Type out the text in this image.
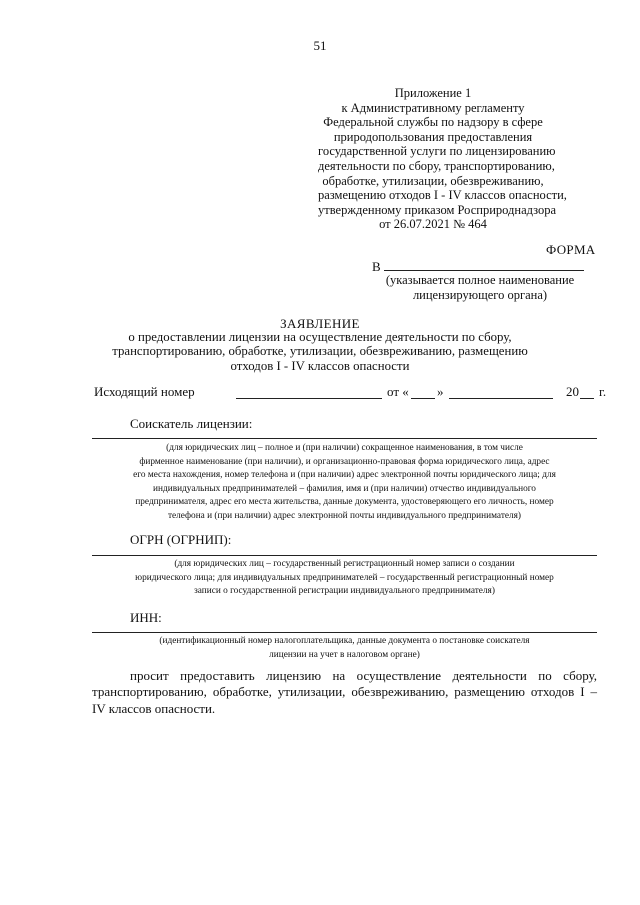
51
Приложение 1
к Административному регламенту
Федеральной службы по надзору в сфере
природопользования предоставления
государственной услуги по лицензированию
деятельности по сбору, транспортированию,
обработке, утилизации, обезвреживанию,
размещению отходов I - IV классов опасности,
утвержденному приказом Росприроднадзора
от 26.07.2021 № 464
ФОРМА
В
(указывается полное наименование
лицензирующего органа)
ЗАЯВЛЕНИЕ
о предоставлении лицензии на осуществление деятельности по сбору,
транспортированию, обработке, утилизации, обезвреживанию, размещению
отходов I - IV классов опасности
Исходящий номер	от « »	20 г.
Соискатель лицензии:
(для юридических лиц – полное и (при наличии) сокращенное наименования, в том числе
фирменное наименование (при наличии), и организационно-правовая форма юридического лица, адрес
его места нахождения, номер телефона и (при наличии) адрес электронной почты юридического лица; для
индивидуальных предпринимателей – фамилия, имя и (при наличии) отчество индивидуального
предпринимателя, адрес его места жительства, данные документа, удостоверяющего его личность, номер
телефона и (при наличии) адрес электронной почты индивидуального предпринимателя)
ОГРН (ОГРНИП):
(для юридических лиц – государственный регистрационный номер записи о создании
юридического лица; для индивидуальных предпринимателей – государственный регистрационный номер
записи о государственной регистрации индивидуального предпринимателя)
ИНН:
(идентификационный номер налогоплательщика, данные документа о постановке соискателя
лицензии на учет в налоговом органе)
просит предоставить лицензию на осуществление деятельности по сбору,
транспортированию, обработке, утилизации, обезвреживанию, размещению отходов I –
IV классов опасности.
